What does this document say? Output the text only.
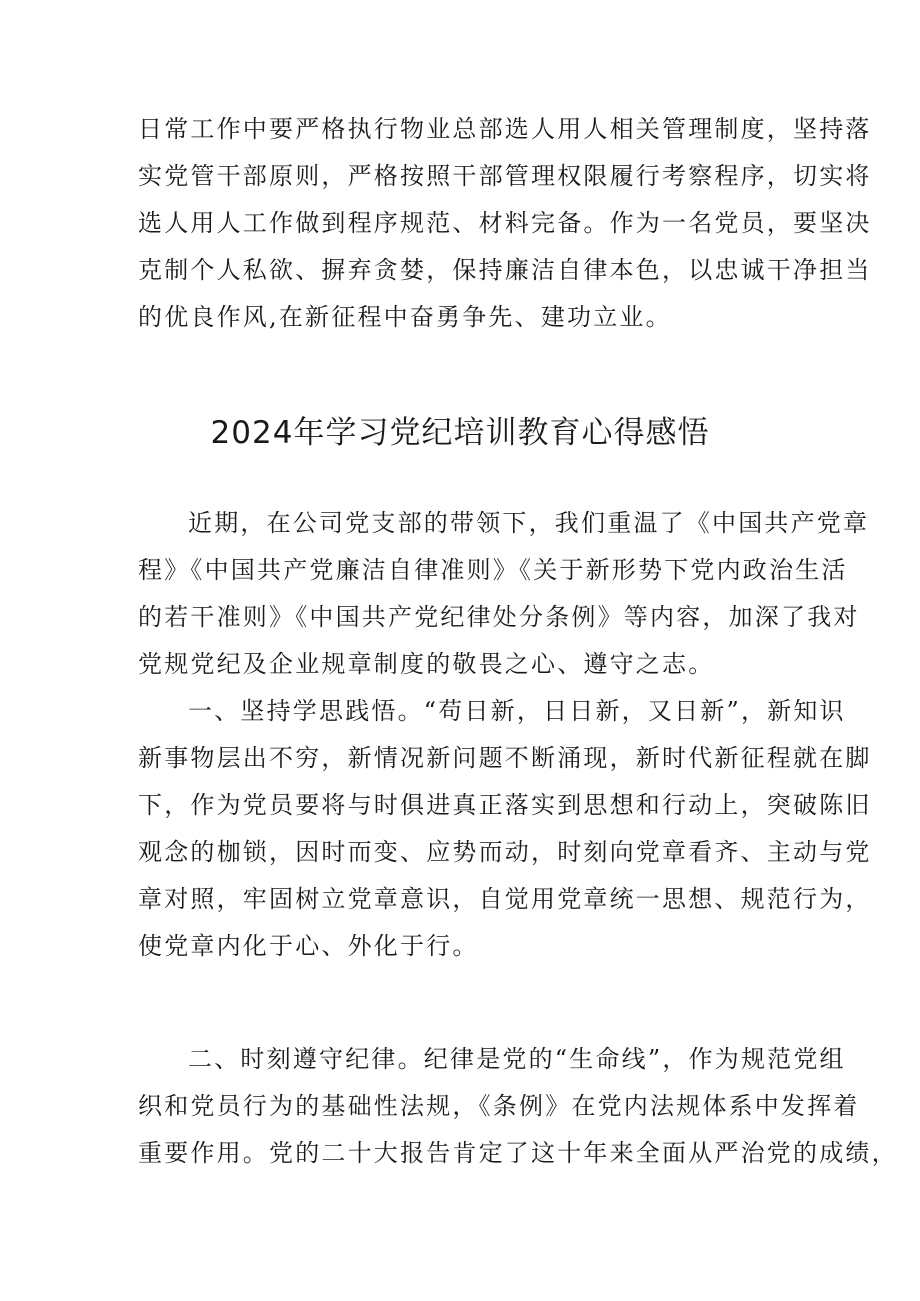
日常工作中要严格执行物业总部选人用人相关管理制度，坚持落
实党管干部原则，严格按照干部管理权限履行考察程序，切实将
选人用人工作做到程序规范、材料完备。作为一名党员，要坚决
克制个人私欲、摒弃贪婪，保持廉洁自律本色，以忠诚干净担当
的优良作风,在新征程中奋勇争先、建功立业。
2024年学习党纪培训教育心得感悟
近期，在公司党支部的带领下，我们重温了《中国共产党章
程》《中国共产党廉洁自律准则》《关于新形势下党内政治生活
的若干准则》《中国共产党纪律处分条例》等内容，加深了我对
党规党纪及企业规章制度的敬畏之心、遵守之志。
一、坚持学思践悟。“苟日新，日日新，又日新”，新知识
新事物层出不穷，新情况新问题不断涌现，新时代新征程就在脚
下，作为党员要将与时俱进真正落实到思想和行动上，突破陈旧
观念的枷锁，因时而变、应势而动，时刻向党章看齐、主动与党
章对照，牢固树立党章意识，自觉用党章统一思想、规范行为，
使党章内化于心、外化于行。
二、时刻遵守纪律。纪律是党的“生命线”，作为规范党组
织和党员行为的基础性法规，《条例》在党内法规体系中发挥着
重要作用。党的二十大报告肯定了这十年来全面从严治党的成绩，
